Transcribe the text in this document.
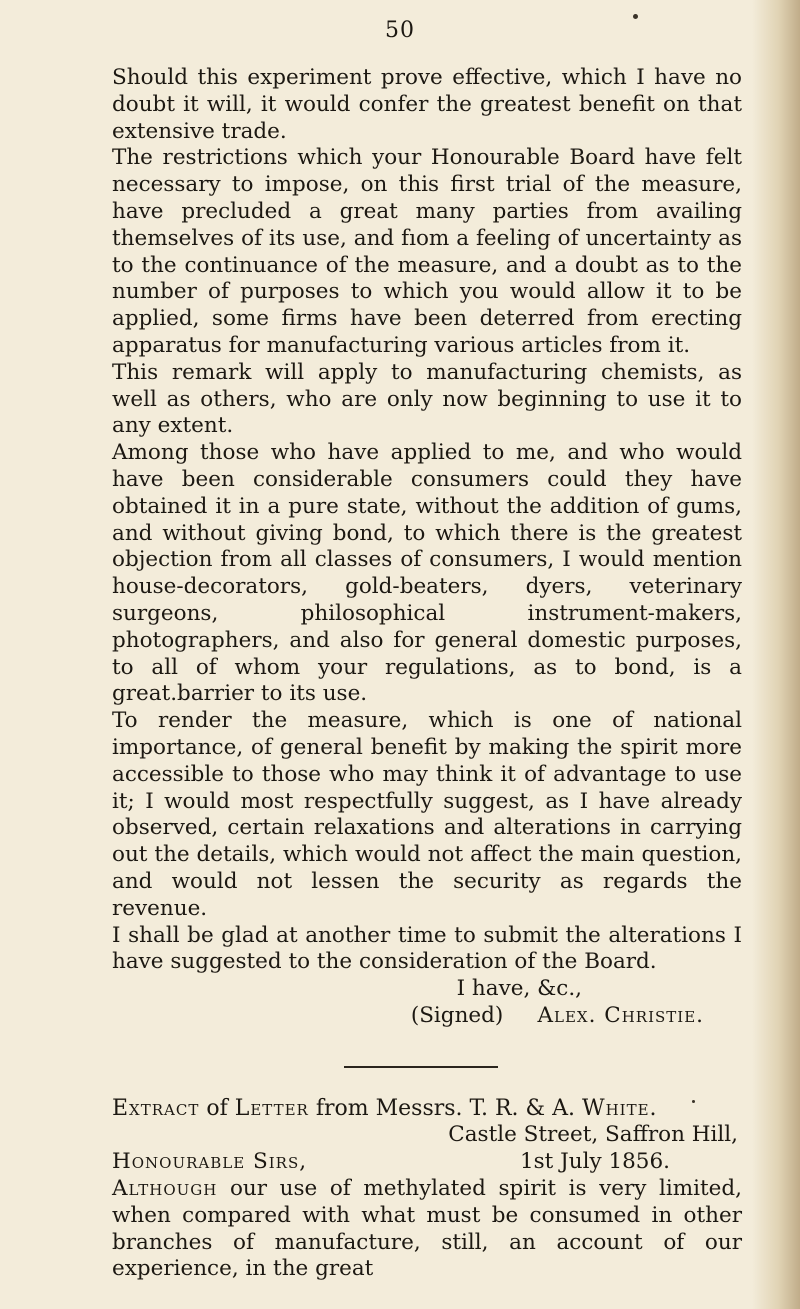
50

Should this experiment prove effective, which I have no doubt it will, it would confer the greatest benefit on that extensive trade.

The restrictions which your Honourable Board have felt necessary to impose, on this first trial of the measure, have precluded a great many parties from availing themselves of its use, and fıom a feeling of uncertainty as to the continuance of the measure, and a doubt as to the number of purposes to which you would allow it to be applied, some firms have been deterred from erecting apparatus for manufacturing various articles from it.

This remark will apply to manufacturing chemists, as well as others, who are only now beginning to use it to any extent.

Among those who have applied to me, and who would have been considerable consumers could they have obtained it in a pure state, without the addition of gums, and without giving bond, to which there is the greatest objection from all classes of consumers, I would mention house-decorators, gold-beaters, dyers, veterinary surgeons, philosophical instrument-makers, photographers, and also for general domestic purposes, to all of whom your regulations, as to bond, is a great.barrier to its use.

To render the measure, which is one of national importance, of general benefit by making the spirit more accessible to those who may think it of advantage to use it; I would most respectfully suggest, as I have already observed, certain relaxations and alterations in carrying out the details, which would not affect the main question, and would not lessen the security as regards the revenue.

I shall be glad at another time to submit the alterations I have suggested to the consideration of the Board.

I have, &c.,

(Signed) Alex. Christie.

Extract of Letter from Messrs. T. R. & A. White.

Castle Street, Saffron Hill,

Honourable Sirs,	1st July 1856.

Although our use of methylated spirit is very limited, when compared with what must be consumed in other branches of manufacture, still, an account of our experience, in the great
